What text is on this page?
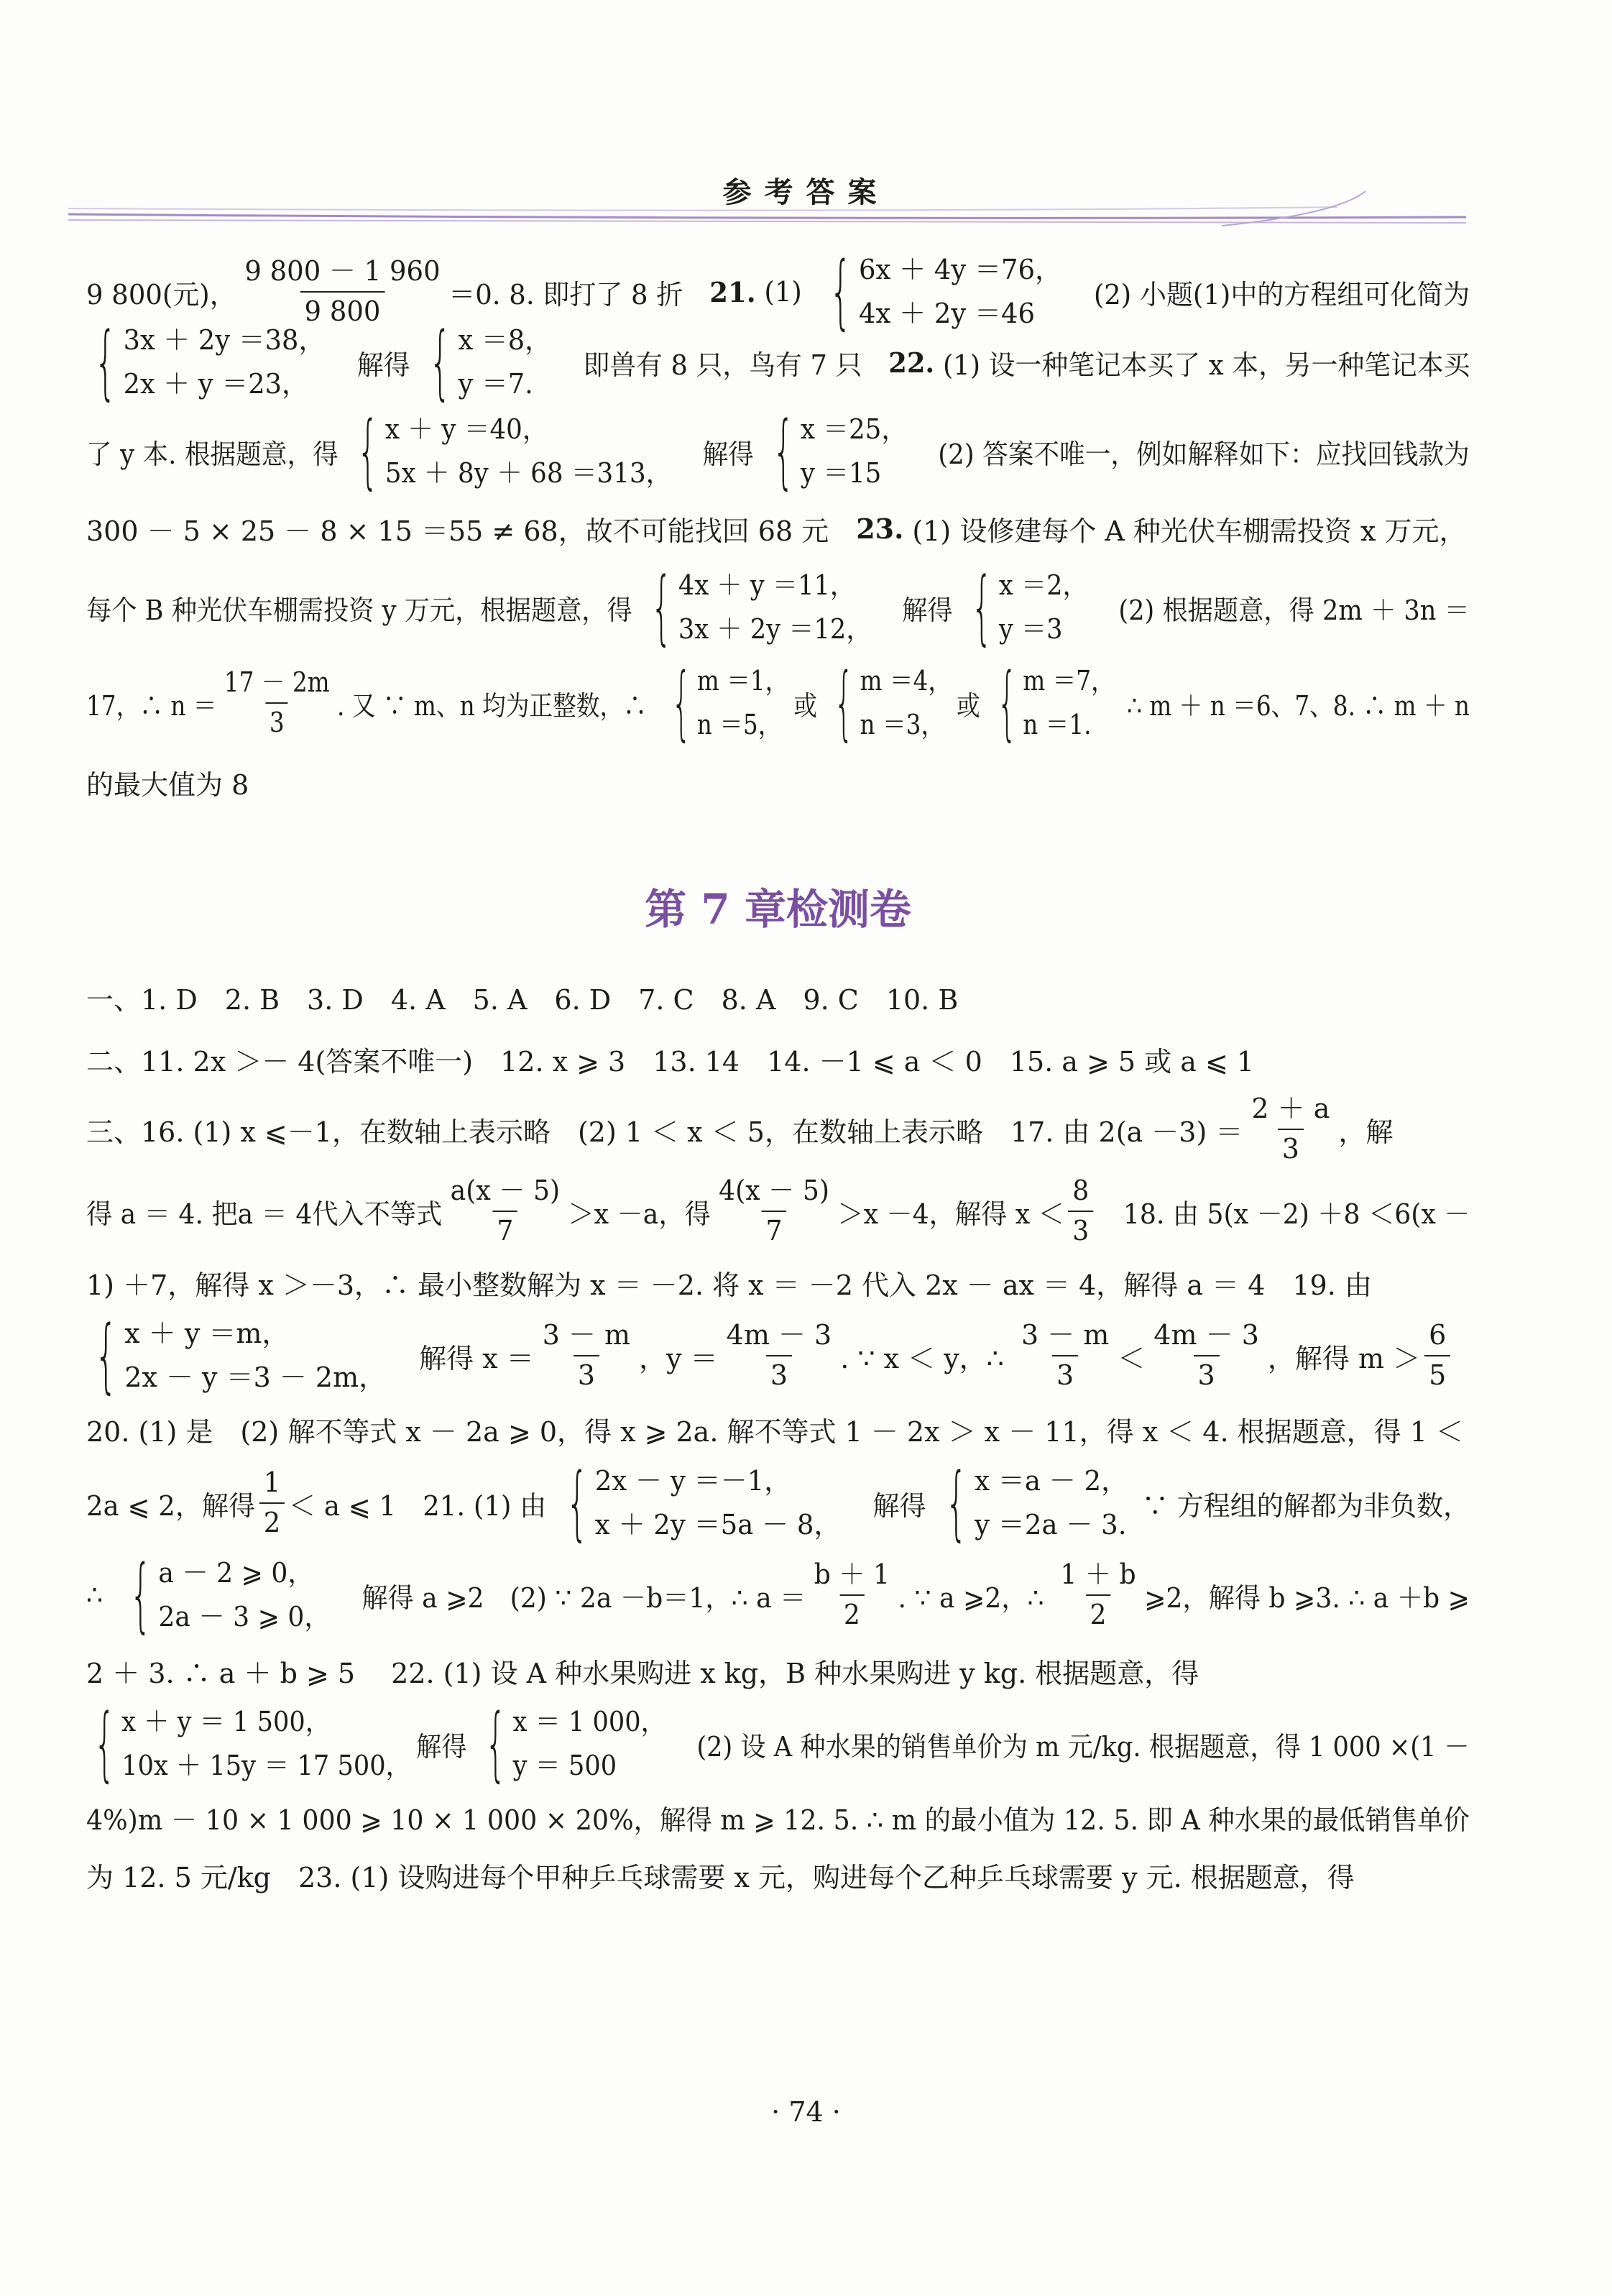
参考答案
9 800(元)， $\frac{9 800 - 1 960}{9 800} =0$. 8. 即打了 8 折　 21. (1) { 6x ＋ 4y ＝76，
4x ＋ 2y ＝46
　(2) 小题(1)中的方程组可化简为
{ 3x ＋ 2y ＝38，
2x ＋ y ＝23，
　解得 { x ＝8，
y ＝7.
　即兽有 8 只，鸟有 7 只　 22. (1) 设一种笔记本买了 x 本，另一种笔记本买
了 y 本. 根据题意，得 { x ＋ y ＝40，
5x ＋ 8y ＋ 68 ＝313，
　解得 { x ＝25，
y ＝15
　(2) 答案不唯一，例如解释如下：应找回钱款为
300 － 5 × 25 － 8 × 15 ＝55 ≠ 68，故不可能找回 68 元　 23. (1) 设修建每个 A 种光伏车棚需投资 x 万元，
每个 B 种光伏车棚需投资 y 万元，根据题意，得 { 4x ＋ y ＝11，
3x ＋ 2y ＝12，
　解得 { x ＝2，
y ＝3
　(2) 根据题意，得 2m ＋ 3n ＝
17，∴ $n = \frac{17 - 2m}{3}$ . 又 ∵ m、n 均为正整数，∴ { m ＝1，
n ＝5，
或 { m ＝4，
n ＝3，
或 { m ＝7，
n ＝1.
∴ m ＋ n ＝6、7、8. ∴ m ＋ n
的最大值为 8
第 7 章检测卷
一、1. D　2. B　3. D　4. A　5. A　6. D　7. C　8. A　9. C　10. B
二、11. 2x ＞－ 4(答案不唯一)　12. x ⩾ 3　13. 14　14. －1 ⩽ a ＜ 0　15. a ⩾ 5 或 a ⩽ 1
三、16. (1) x ⩽－1，在数轴上表示略　(2) 1 ＜ x ＜ 5，在数轴上表示略　17. 由 $2(a -3) = \frac{2 + a}{3}$ ，解
得 a ＝ 4. 把a ＝ 4代入不等式 $\frac{a(x - 5)}{7} >x -a$，得 $\frac{4(x - 5)}{7} >x -4$，解得 $x < \frac{8}{3}$ 　18. 由 5(x －2) ＋8 ＜6(x －
1) ＋7，解得 x ＞－3，∴ 最小整数解为 x ＝ －2. 将 x ＝ －2 代入 2x － ax ＝ 4，解得 a ＝ 4　19. 由
{ x ＋ y ＝m，
2x － y ＝3 － 2m，
　解得 $x = \frac{3 - m}{3}$ ，$y = \frac{4m - 3}{3}$ . ∵ x ＜ y，∴ $\frac{3 - m}{3} < \frac{4m - 3}{3}$ ，解得 $m > \frac{6}{5}$
20. (1) 是　(2) 解不等式 x － 2a ⩾ 0，得 x ⩾ 2a. 解不等式 1 － 2x ＞ x － 11，得 x ＜ 4. 根据题意，得 1 ＜
2a ⩽ 2，解得 $\frac{1}{2} < a$ ⩽ 1　21. (1) 由 { 2x － y ＝－1，
x ＋ 2y ＝5a － 8，
　解得 { x ＝a － 2，
y ＝2a － 3.
∵ 方程组的解都为非负数，
∴ { a － 2 ⩾ 0，
2a － 3 ⩾ 0，
　解得 a ⩾2　(2) ∵ 2a －b＝1，∴ $a = \frac{b + 1}{2}$ . ∵ a ⩾2，∴ $\frac{1 + b}{2}$ ⩾2，解得 b ⩾3. ∴ a ＋b ⩾
2 ＋ 3. ∴ a ＋ b ⩾ 5　 22. (1) 设 A 种水果购进 x kg，B 种水果购进 y kg. 根据题意，得
{ x ＋ y ＝ 1 500，
10x ＋ 15y ＝ 17 500，
解得 { x ＝ 1 000，
y ＝ 500
　(2) 设 A 种水果的销售单价为 m 元/kg. 根据题意，得 1 000 ×(1 －
4%)m － 10 × 1 000 ⩾ 10 × 1 000 × 20%，解得 m ⩾ 12. 5. ∴ m 的最小值为 12. 5. 即 A 种水果的最低销售单价
为 12. 5 元/kg　23. (1) 设购进每个甲种乒乓球需要 x 元，购进每个乙种乒乓球需要 y 元. 根据题意，得
· 74 ·
